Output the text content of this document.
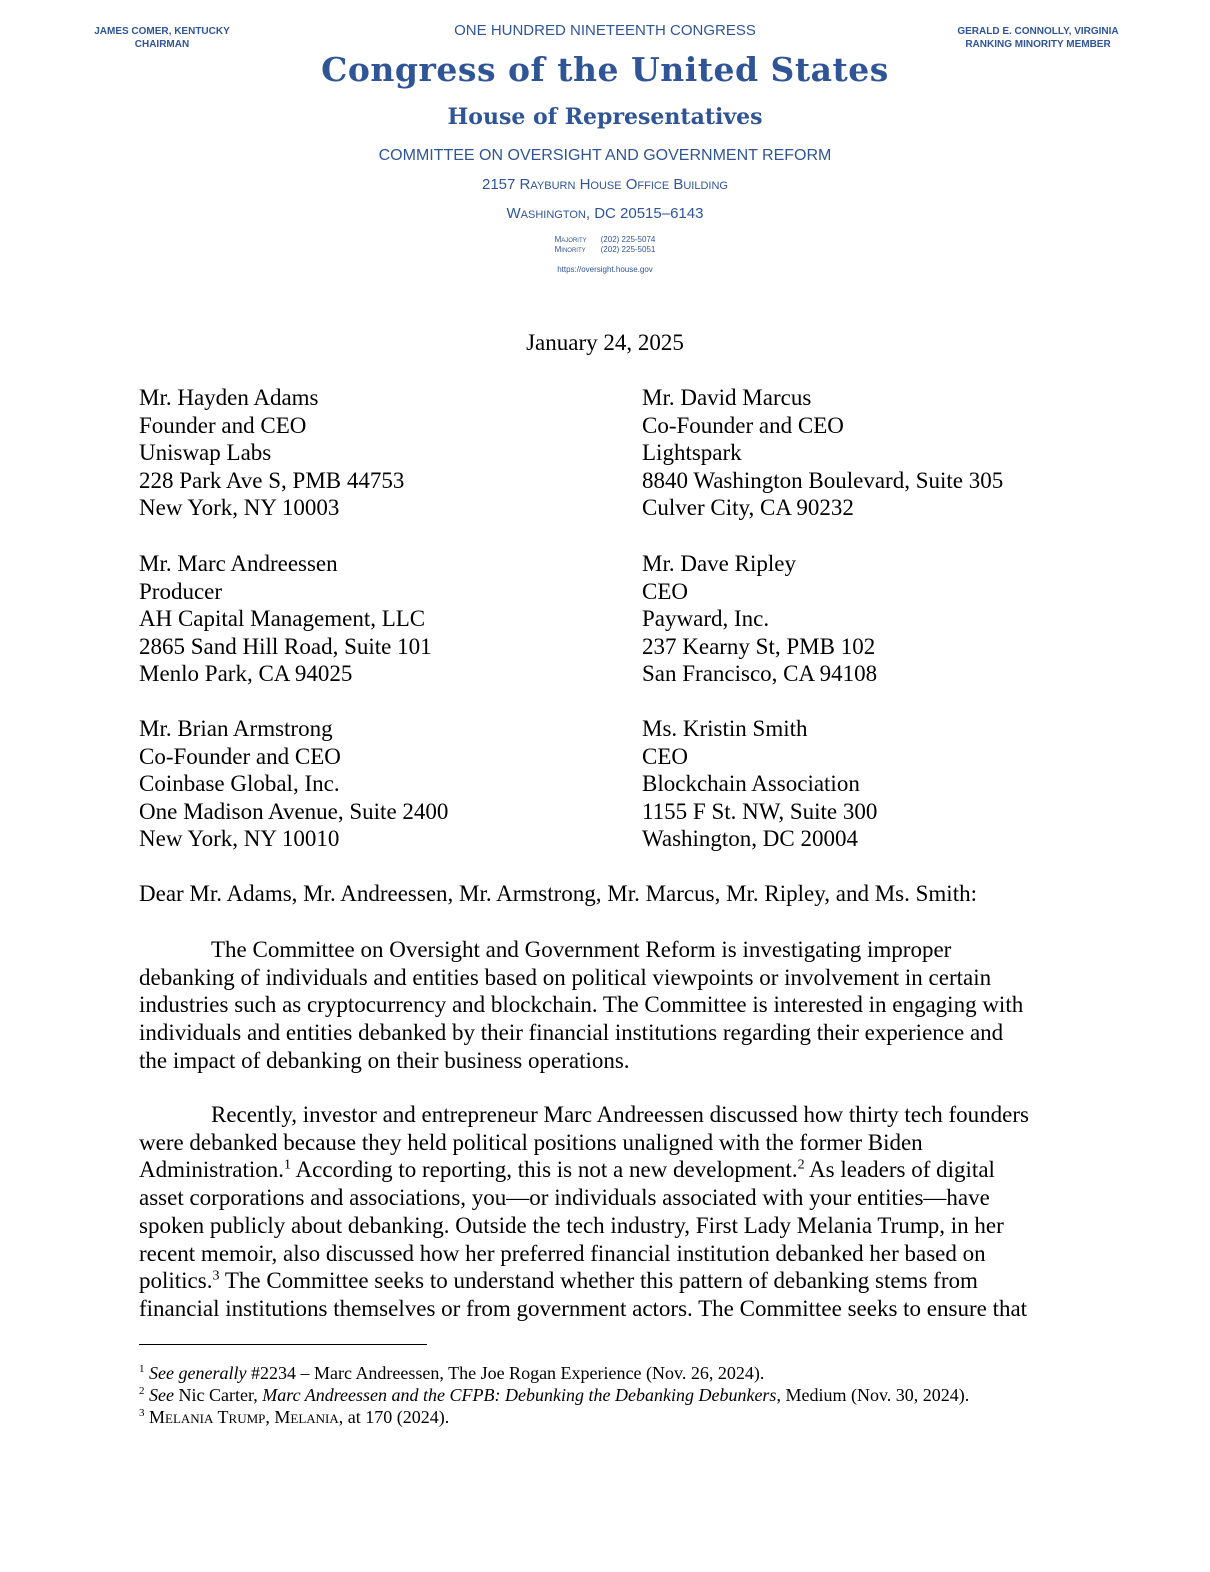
JAMES COMER, KENTUCKY
CHAIRMAN
GERALD E. CONNOLLY, VIRGINIA
RANKING MINORITY MEMBER
ONE HUNDRED NINETEENTH CONGRESS
Congress of the United States
House of Representatives
COMMITTEE ON OVERSIGHT AND GOVERNMENT REFORM
2157 Rayburn House Office Building
Washington, DC 20515–6143
Majority (202) 225-5074
Minority (202) 225-5051
https://oversight.house.gov
January 24, 2025
Mr. Hayden Adams
Founder and CEO
Uniswap Labs
228 Park Ave S, PMB 44753
New York, NY 10003
Mr. David Marcus
Co-Founder and CEO
Lightspark
8840 Washington Boulevard, Suite 305
Culver City, CA 90232
Mr. Marc Andreessen
Producer
AH Capital Management, LLC
2865 Sand Hill Road, Suite 101
Menlo Park, CA 94025
Mr. Dave Ripley
CEO
Payward, Inc.
237 Kearny St, PMB 102
San Francisco, CA 94108
Mr. Brian Armstrong
Co-Founder and CEO
Coinbase Global, Inc.
One Madison Avenue, Suite 2400
New York, NY 10010
Ms. Kristin Smith
CEO
Blockchain Association
1155 F St. NW, Suite 300
Washington, DC 20004
Dear Mr. Adams, Mr. Andreessen, Mr. Armstrong, Mr. Marcus, Mr. Ripley, and Ms. Smith:
The Committee on Oversight and Government Reform is investigating improper
debanking of individuals and entities based on political viewpoints or involvement in certain
industries such as cryptocurrency and blockchain. The Committee is interested in engaging with
individuals and entities debanked by their financial institutions regarding their experience and
the impact of debanking on their business operations.
Recently, investor and entrepreneur Marc Andreessen discussed how thirty tech founders
were debanked because they held political positions unaligned with the former Biden
Administration.$^1$ According to reporting, this is not a new development.$^2$ As leaders of digital
asset corporations and associations, you—or individuals associated with your entities—have
spoken publicly about debanking. Outside the tech industry, First Lady Melania Trump, in her
recent memoir, also discussed how her preferred financial institution debanked her based on
politics.$^3$ The Committee seeks to understand whether this pattern of debanking stems from
financial institutions themselves or from government actors. The Committee seeks to ensure that
$^1$ See generally #2234 – Marc Andreessen, The Joe Rogan Experience (Nov. 26, 2024).
$^2$ See Nic Carter, Marc Andreessen and the CFPB: Debunking the Debanking Debunkers, Medium (Nov. 30, 2024).
$^3$ Melania Trump, Melania, at 170 (2024).
